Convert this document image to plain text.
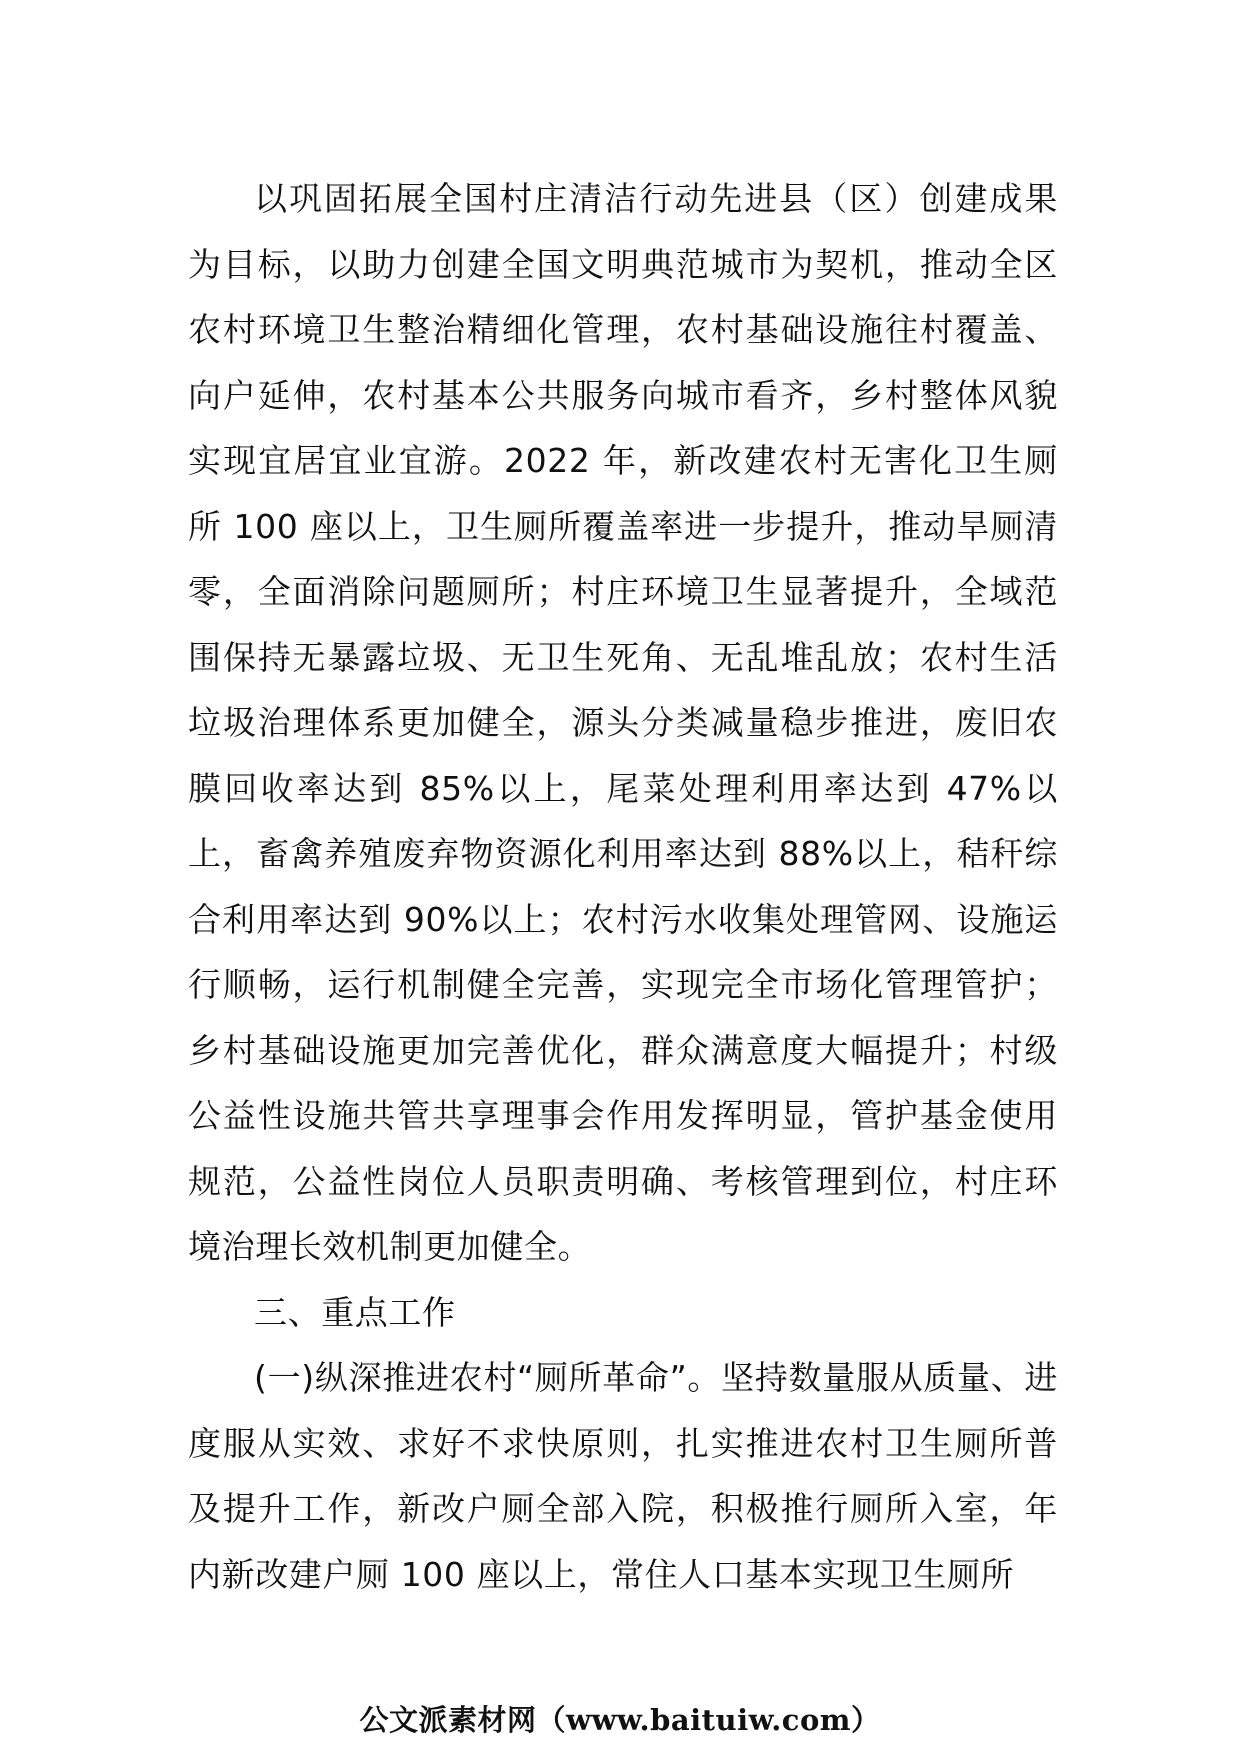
以巩固拓展全国村庄清洁行动先进县（区）创建成果为目标，以助力创建全国文明典范城市为契机，推动全区农村环境卫生整治精细化管理，农村基础设施往村覆盖、向户延伸，农村基本公共服务向城市看齐，乡村整体风貌实现宜居宜业宜游。2022 年，新改建农村无害化卫生厕所 100 座以上，卫生厕所覆盖率进一步提升，推动旱厕清零，全面消除问题厕所；村庄环境卫生显著提升，全域范围保持无暴露垃圾、无卫生死角、无乱堆乱放；农村生活垃圾治理体系更加健全，源头分类减量稳步推进，废旧农膜回收率达到 85%以上，尾菜处理利用率达到 47%以上，畜禽养殖废弃物资源化利用率达到 88%以上，秸秆综合利用率达到 90%以上；农村污水收集处理管网、设施运行顺畅，运行机制健全完善，实现完全市场化管理管护；乡村基础设施更加完善优化，群众满意度大幅提升；村级公益性设施共管共享理事会作用发挥明显，管护基金使用规范，公益性岗位人员职责明确、考核管理到位，村庄环境治理长效机制更加健全。

三、重点工作

(一)纵深推进农村“厕所革命”。坚持数量服从质量、进度服从实效、求好不求快原则，扎实推进农村卫生厕所普及提升工作，新改户厕全部入院，积极推行厕所入室，年内新改建户厕 100 座以上，常住人口基本实现卫生厕所

公文派素材网（www.baituiw.com）
